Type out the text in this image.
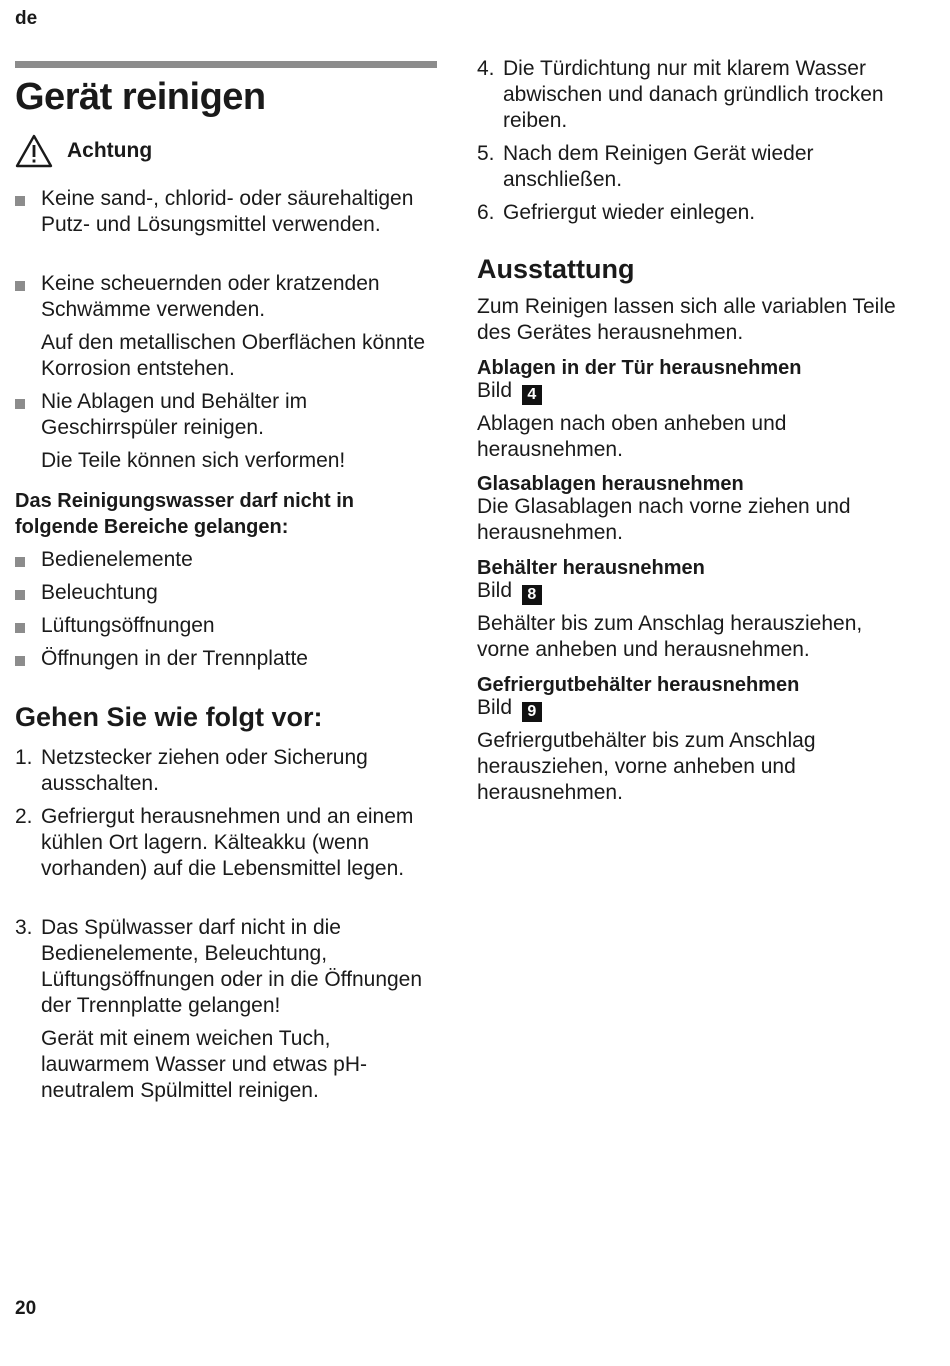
de
Gerät reinigen
Achtung

Keine sand-, chlorid- oder säurehaltigen Putz- und Lösungsmittel verwenden.

Keine scheuernden oder kratzenden Schwämme verwenden.

Auf den metallischen Oberflächen könnte Korrosion entstehen.

Nie Ablagen und Behälter im Geschirrspüler reinigen.

Die Teile können sich verformen!

Das Reinigungswasser darf nicht in folgende Bereiche gelangen:

Bedienelemente

Beleuchtung

Lüftungsöffnungen

Öffnungen in der Trennplatte

Gehen Sie wie folgt vor:
1. Netzstecker ziehen oder Sicherung ausschalten.
2. Gefriergut herausnehmen und an einem kühlen Ort lagern. Kälteakku (wenn vorhanden) auf die Lebensmittel legen.
3. Das Spülwasser darf nicht in die Bedienelemente, Beleuchtung, Lüftungsöffnungen oder in die Öffnungen der Trennplatte gelangen!

Gerät mit einem weichen Tuch, lauwarmem Wasser und etwas pH-neutralem Spülmittel reinigen.

4. Die Türdichtung nur mit klarem Wasser abwischen und danach gründlich trocken reiben.
5. Nach dem Reinigen Gerät wieder anschließen.
6. Gefriergut wieder einlegen.
Ausstattung

Zum Reinigen lassen sich alle variablen Teile des Gerätes herausnehmen.

Ablagen in der Tür herausnehmen

Bild 4

Ablagen nach oben anheben und herausnehmen.

Glasablagen herausnehmen

Die Glasablagen nach vorne ziehen und herausnehmen.

Behälter herausnehmen

Bild 8

Behälter bis zum Anschlag herausziehen, vorne anheben und herausnehmen.

Gefriergutbehälter herausnehmen

Bild 9

Gefriergutbehälter bis zum Anschlag herausziehen, vorne anheben und herausnehmen.

20
